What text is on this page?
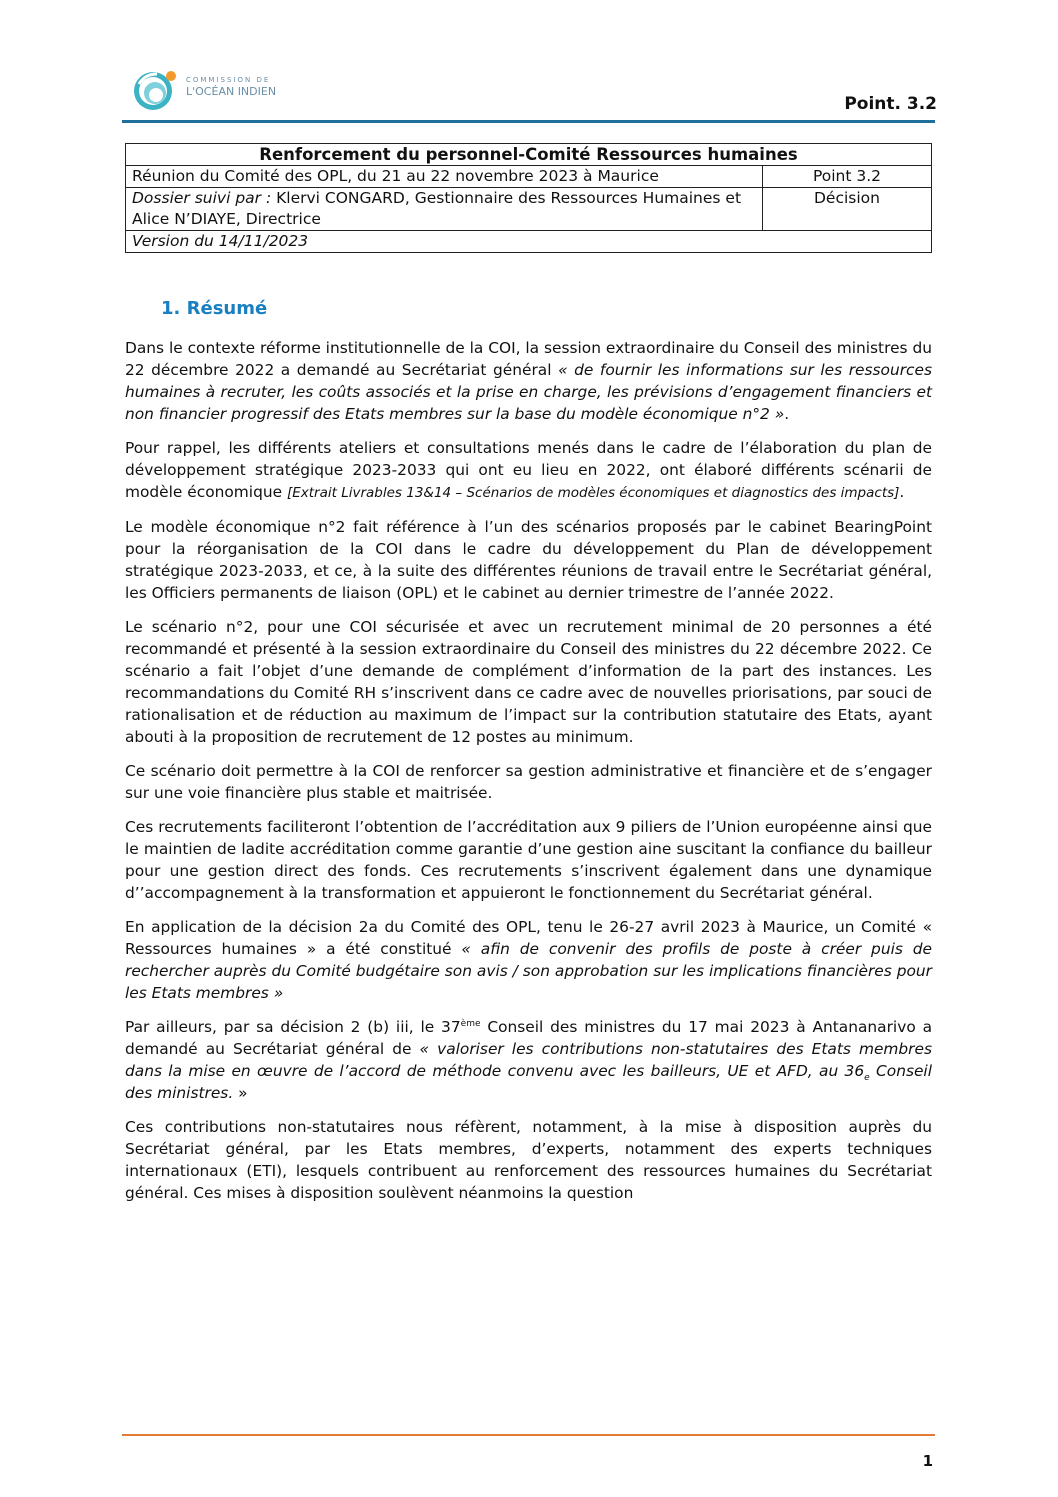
COMMISSION DE
L'OCÉAN INDIEN
Point. 3.2
Renforcement du personnel-Comité Ressources humaines	
Réunion du Comité des OPL, du 21 au 22 novembre 2023 à Maurice	Point 3.2
Dossier suivi par : Klervi CONGARD, Gestionnaire des Ressources Humaines et Alice N’DIAYE, Directrice	Décision
Version du 14/11/2023	
1. Résumé

Dans le contexte réforme institutionnelle de la COI, la session extraordinaire du Conseil des ministres du 22 décembre 2022 a demandé au Secrétariat général « de fournir les informations sur les ressources humaines à recruter, les coûts associés et la prise en charge, les prévisions d’engagement financiers et non financier progressif des Etats membres sur la base du modèle économique n°2 ».

Pour rappel, les différents ateliers et consultations menés dans le cadre de l’élaboration du plan de développement stratégique 2023-2033 qui ont eu lieu en 2022, ont élaboré différents scénarii de modèle économique [Extrait Livrables 13&14 – Scénarios de modèles économiques et diagnostics des impacts].

Le modèle économique n°2 fait référence à l’un des scénarios proposés par le cabinet BearingPoint pour la réorganisation de la COI dans le cadre du développement du Plan de développement stratégique 2023-2033, et ce, à la suite des différentes réunions de travail entre le Secrétariat général, les Officiers permanents de liaison (OPL) et le cabinet au dernier trimestre de l’année 2022.

Le scénario n°2, pour une COI sécurisée et avec un recrutement minimal de 20 personnes a été recommandé et présenté à la session extraordinaire du Conseil des ministres du 22 décembre 2022. Ce scénario a fait l’objet d’une demande de complément d’information de la part des instances. Les recommandations du Comité RH s’inscrivent dans ce cadre avec de nouvelles priorisations, par souci de rationalisation et de réduction au maximum de l’impact sur la contribution statutaire des Etats, ayant abouti à la proposition de recrutement de 12 postes au minimum.

Ce scénario doit permettre à la COI de renforcer sa gestion administrative et financière et de s’engager sur une voie financière plus stable et maitrisée.

Ces recrutements faciliteront l’obtention de l’accréditation aux 9 piliers de l’Union européenne ainsi que le maintien de ladite accréditation comme garantie d’une gestion aine suscitant la confiance du bailleur pour une gestion direct des fonds. Ces recrutements s’inscrivent également dans une dynamique d’’accompagnement à la transformation et appuieront le fonctionnement du Secrétariat général.

En application de la décision 2a du Comité des OPL, tenu le 26-27 avril 2023 à Maurice, un Comité « Ressources humaines » a été constitué « afin de convenir des profils de poste à créer puis de rechercher auprès du Comité budgétaire son avis / son approbation sur les implications financières pour les Etats membres »

Par ailleurs, par sa décision 2 (b) iii, le 37ème Conseil des ministres du 17 mai 2023 à Antananarivo a demandé au Secrétariat général de « valoriser les contributions non-statutaires des Etats membres dans la mise en œuvre de l’accord de méthode convenu avec les bailleurs, UE et AFD, au $36_e$ Conseil des ministres. »

Ces contributions non-statutaires nous réfèrent, notamment, à la mise à disposition auprès du Secrétariat général, par les Etats membres, d’experts, notamment des experts techniques internationaux (ETI), lesquels contribuent au renforcement des ressources humaines du Secrétariat général. Ces mises à disposition soulèvent néanmoins la question

1
